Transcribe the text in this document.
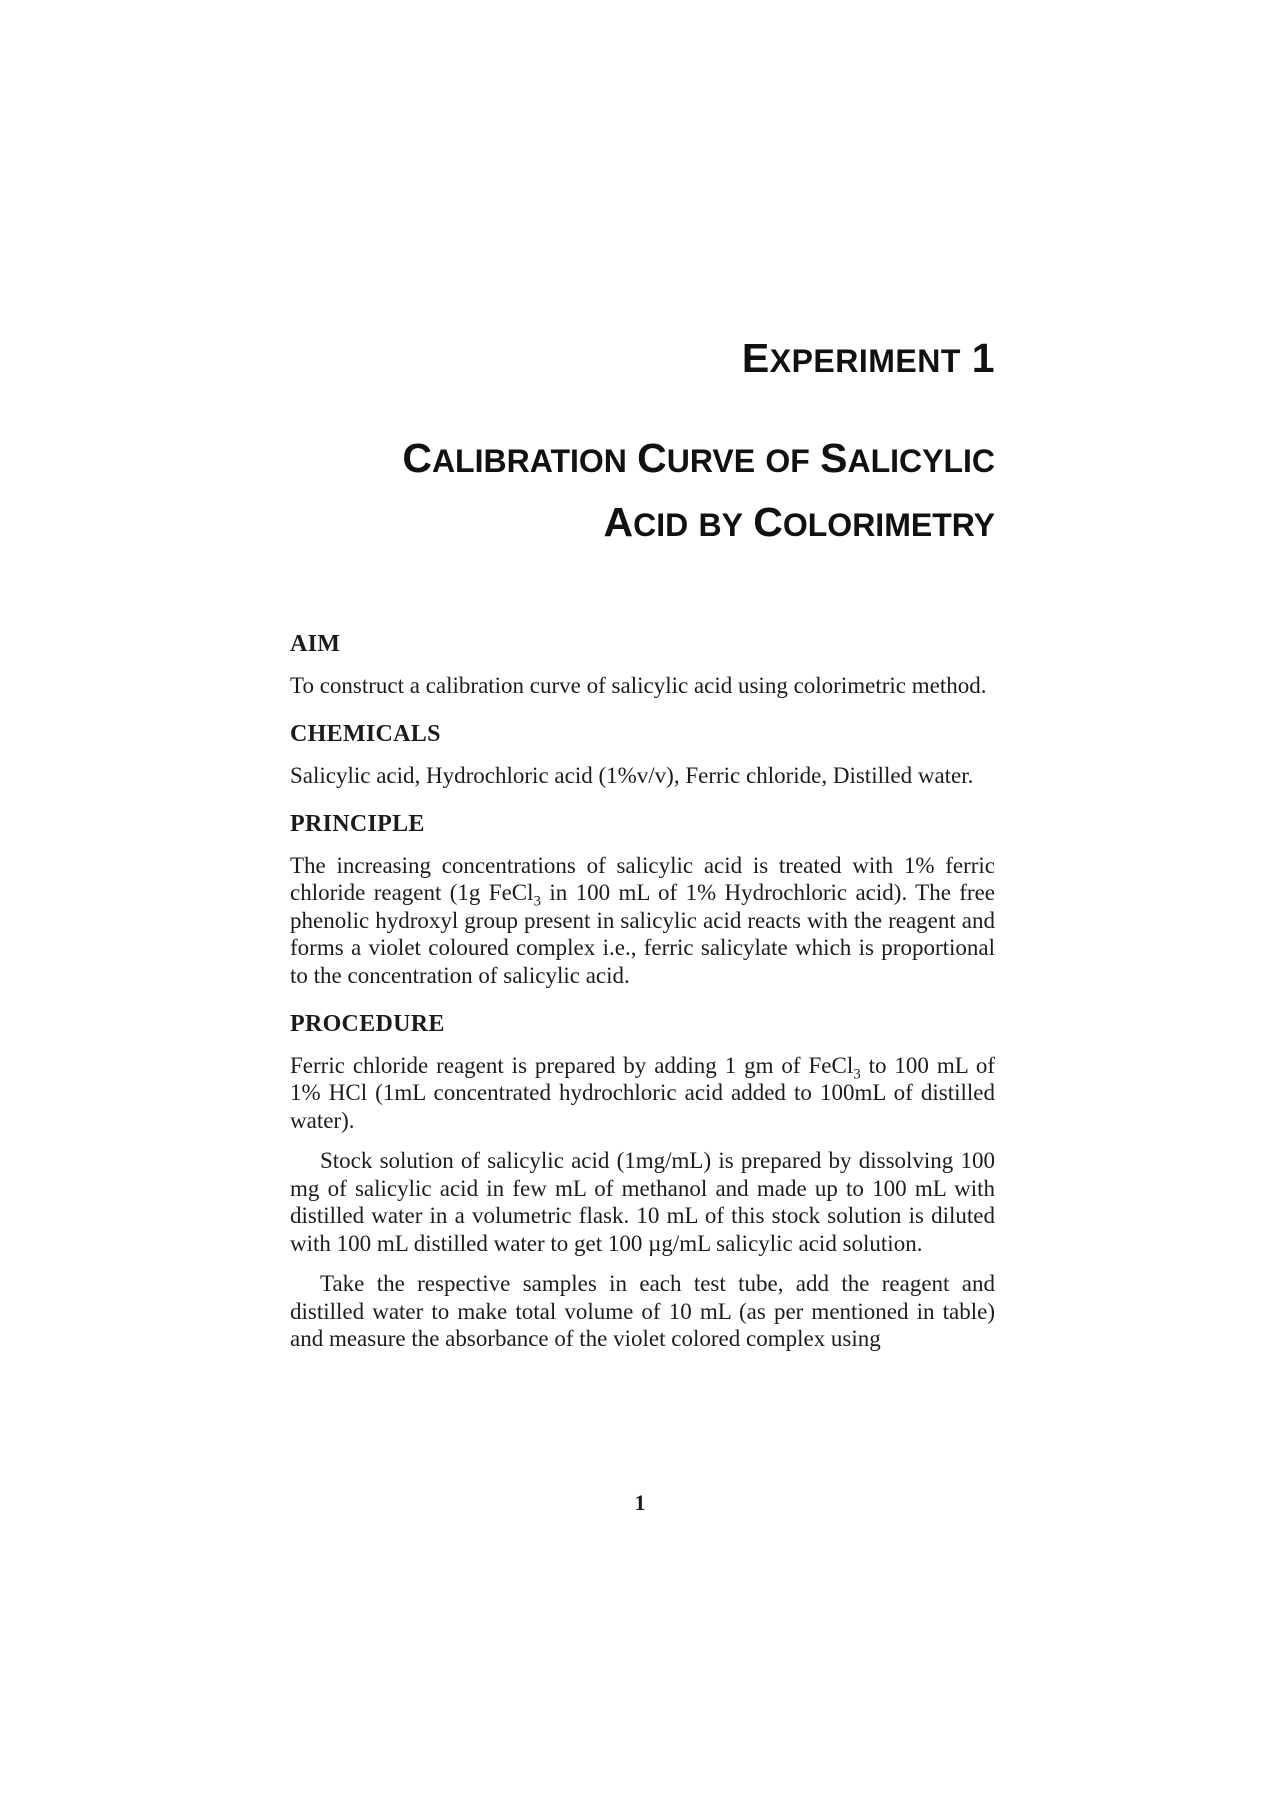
EXPERIMENT 1
CALIBRATION CURVE OF SALICYLIC
ACID BY COLORIMETRY
AIM

To construct a calibration curve of salicylic acid using colorimetric method.

CHEMICALS

Salicylic acid, Hydrochloric acid (1%v/v), Ferric chloride, Distilled water.

PRINCIPLE

The increasing concentrations of salicylic acid is treated with 1% ferric chloride reagent (1g FeCl$_3$ in 100 mL of 1% Hydrochloric acid). The free phenolic hydroxyl group present in salicylic acid reacts with the reagent and forms a violet coloured complex i.e., ferric salicylate which is proportional to the concentration of salicylic acid.

PROCEDURE

Ferric chloride reagent is prepared by adding 1 gm of FeCl$_3$ to 100 mL of 1% HCl (1mL concentrated hydrochloric acid added to 100mL of distilled water).

Stock solution of salicylic acid (1mg/mL) is prepared by dissolving 100 mg of salicylic acid in few mL of methanol and made up to 100 mL with distilled water in a volumetric flask. 10 mL of this stock solution is diluted with 100 mL distilled water to get 100 µg/mL salicylic acid solution.

Take the respective samples in each test tube, add the reagent and distilled water to make total volume of 10 mL (as per mentioned in table) and measure the absorbance of the violet colored complex using

1
